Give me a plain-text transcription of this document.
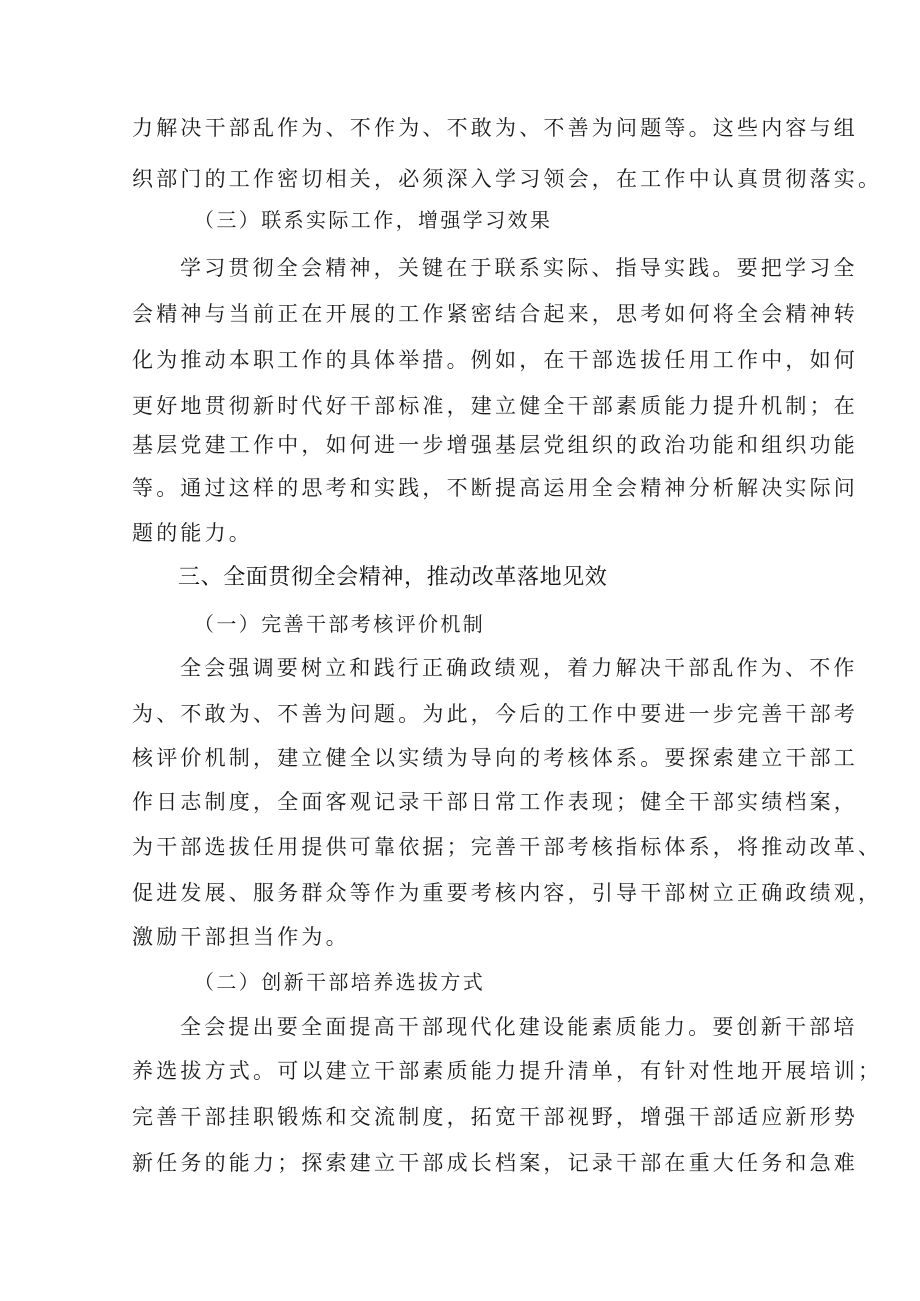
力解决干部乱作为、不作为、不敢为、不善为问题等。这些内容与组
织部门的工作密切相关，必须深入学习领会，在工作中认真贯彻落实。
（三）联系实际工作，增强学习效果
学习贯彻全会精神，关键在于联系实际、指导实践。要把学习全
会精神与当前正在开展的工作紧密结合起来，思考如何将全会精神转
化为推动本职工作的具体举措。例如，在干部选拔任用工作中，如何
更好地贯彻新时代好干部标准，建立健全干部素质能力提升机制；在
基层党建工作中，如何进一步增强基层党组织的政治功能和组织功能
等。通过这样的思考和实践，不断提高运用全会精神分析解决实际问
题的能力。
三、全面贯彻全会精神，推动改革落地见效
（一）完善干部考核评价机制
全会强调要树立和践行正确政绩观，着力解决干部乱作为、不作
为、不敢为、不善为问题。为此，今后的工作中要进一步完善干部考
核评价机制，建立健全以实绩为导向的考核体系。要探索建立干部工
作日志制度，全面客观记录干部日常工作表现；健全干部实绩档案，
为干部选拔任用提供可靠依据；完善干部考核指标体系，将推动改革、
促进发展、服务群众等作为重要考核内容，引导干部树立正确政绩观，
激励干部担当作为。
（二）创新干部培养选拔方式
全会提出要全面提高干部现代化建设能素质能力。要创新干部培
养选拔方式。可以建立干部素质能力提升清单，有针对性地开展培训；
完善干部挂职锻炼和交流制度，拓宽干部视野，增强干部适应新形势
新任务的能力；探索建立干部成长档案，记录干部在重大任务和急难
